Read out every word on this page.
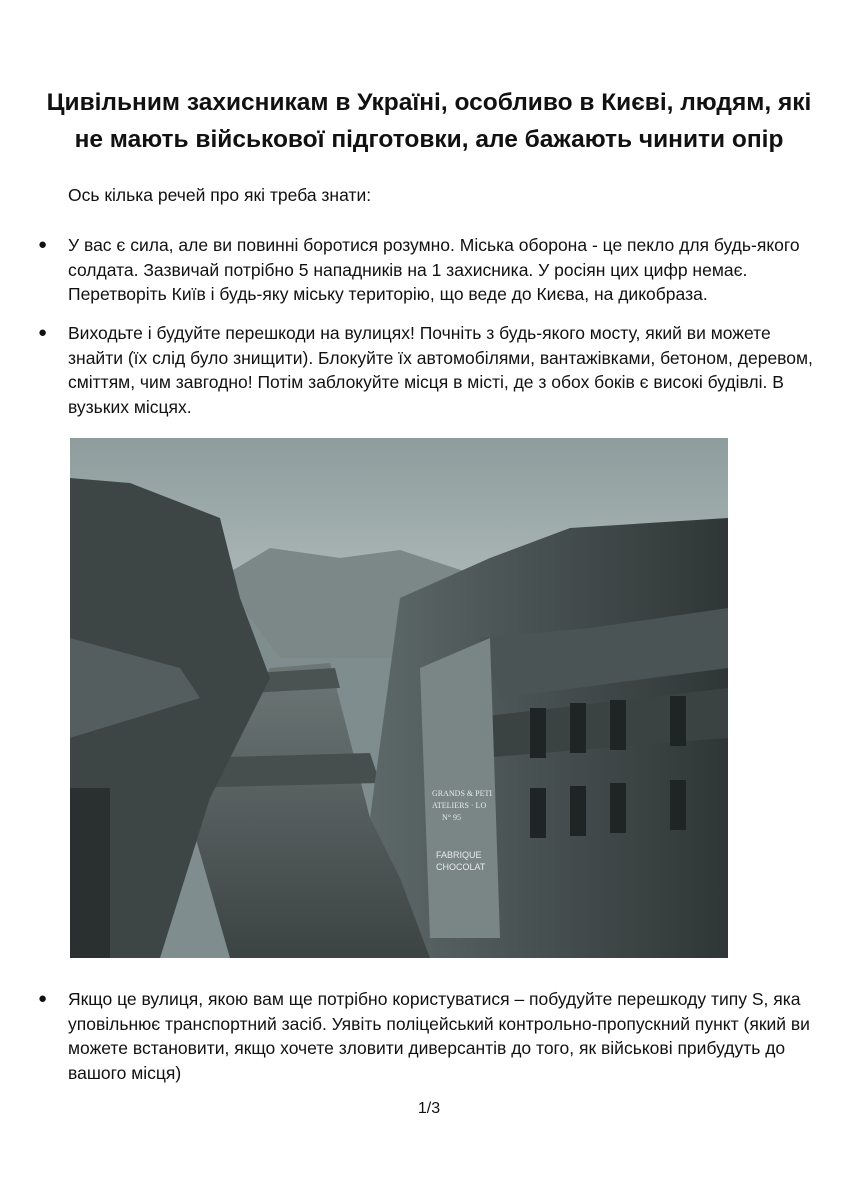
Цивільним захисникам в Україні, особливо в Києві, людям, які не мають військової підготовки, але бажають чинити опір

Ось кілька речей про які треба знати:

● У вас є сила, але ви повинні боротися розумно. Міська оборона - це пекло для будь-якого солдата. Зазвичай потрібно 5 нападників на 1 захисника. У росіян цих цифр немає. Перетворіть Київ і будь-яку міську територію, що веде до Києва, на дикобраза.
● Виходьте і будуйте перешкоди на вулицях! Почніть з будь-якого мосту, який ви можете знайти (їх слід було знищити). Блокуйте їх автомобілями, вантажівками, бетоном, деревом, сміттям, чим завгодно! Потім заблокуйте місця в місті, де з обох боків є високі будівлі. В вузьких місцях.
GRANDS & PETI
ATELIERS · LO
N° 95
FABRIQUE
CHOCOLAT
● Якщо це вулиця, якою вам ще потрібно користуватися – побудуйте перешкоду типу S, яка уповільнює транспортний засіб. Уявіть поліцейський контрольно-пропускний пункт (який ви можете встановити, якщо хочете зловити диверсантів до того, як військові прибудуть до вашого місця)

1/3
